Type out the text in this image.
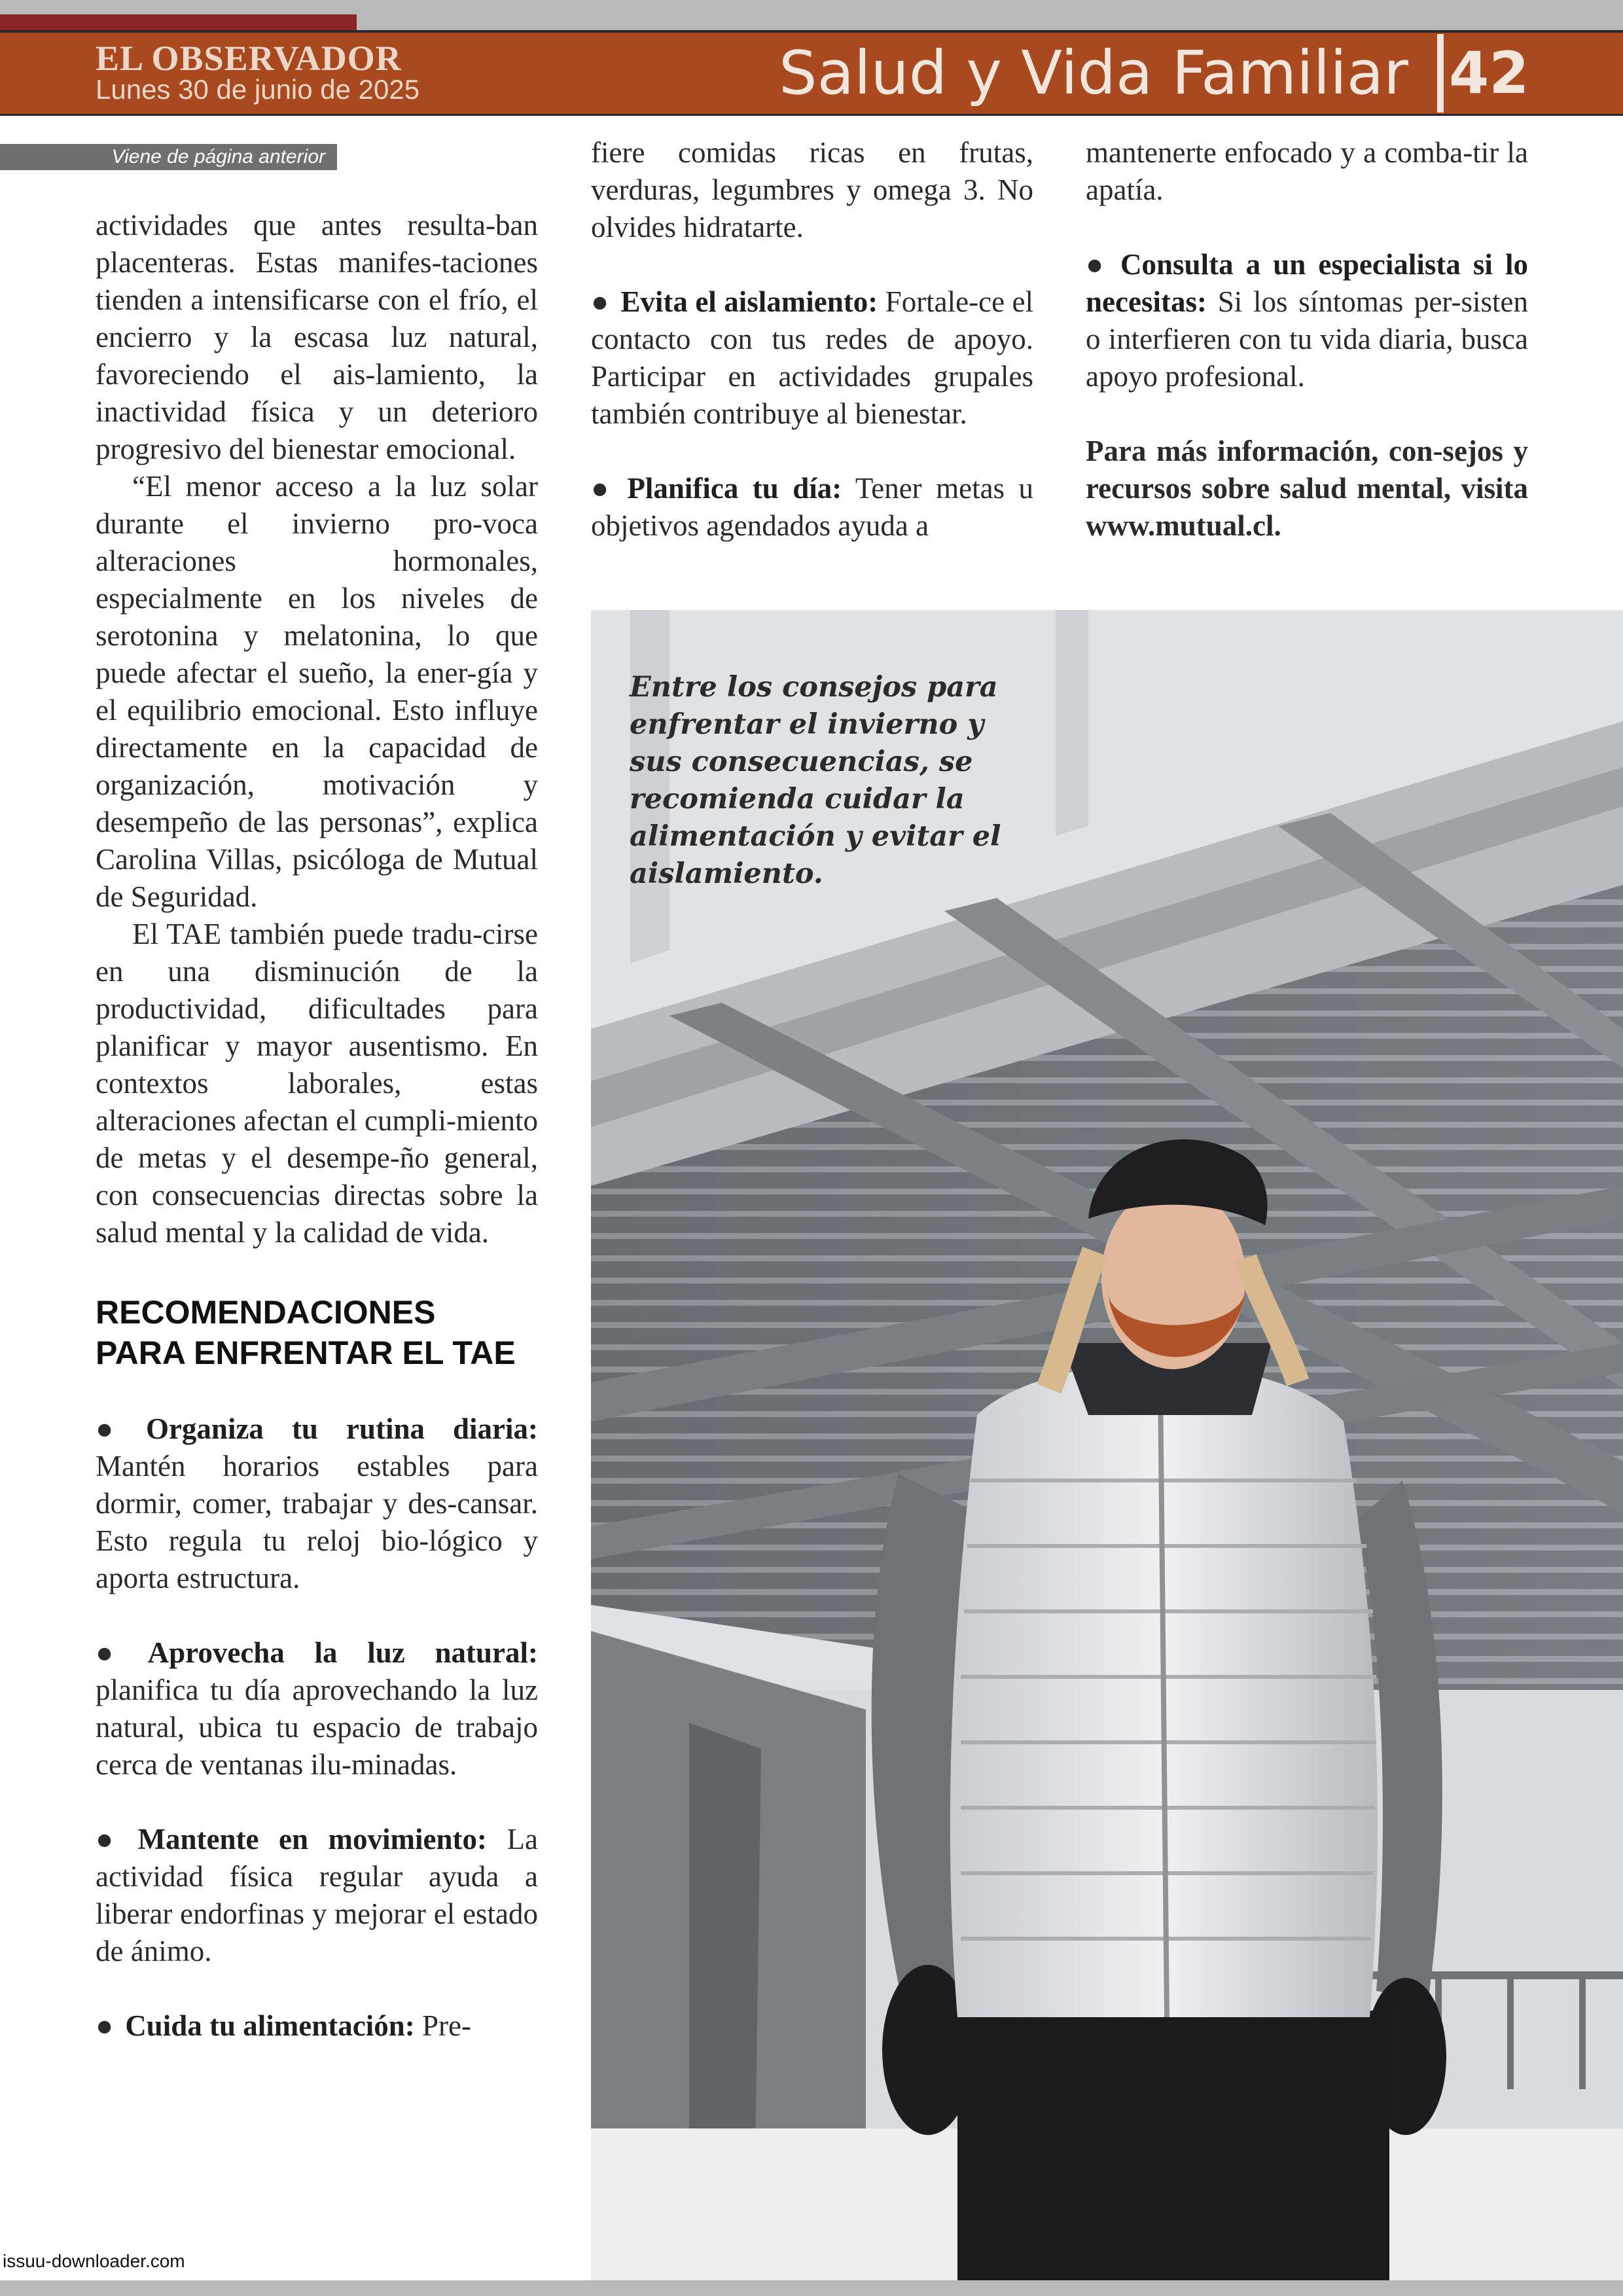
EL OBSERVADOR
Lunes 30 de junio de 2025	Salud y Vida Familiar 42
Viene de página anterior

actividades que antes resulta-ban placenteras. Estas manifes-taciones tienden a intensificarse con el frío, el encierro y la escasa luz natural, favoreciendo el ais-lamiento, la inactividad física y un deterioro progresivo del bienestar emocional.

“El menor acceso a la luz solar durante el invierno pro-voca alteraciones hormonales, especialmente en los niveles de serotonina y melatonina, lo que puede afectar el sueño, la ener-gía y el equilibrio emocional. Esto influye directamente en la capacidad de organización, motivación y desempeño de las personas”, explica Carolina Villas, psicóloga de Mutual de Seguridad.

El TAE también puede tradu-cirse en una disminución de la productividad, dificultades para planificar y mayor ausentismo. En contextos laborales, estas alteraciones afectan el cumpli-miento de metas y el desempe-ño general, con consecuencias directas sobre la salud mental y la calidad de vida.

RECOMENDACIONES
PARA ENFRENTAR EL TAE

● Organiza tu rutina diaria: Mantén horarios estables para dormir, comer, trabajar y des-cansar. Esto regula tu reloj bio-lógico y aporta estructura.

● Aprovecha la luz natural: planifica tu día aprovechando la luz natural, ubica tu espacio de trabajo cerca de ventanas ilu-minadas.

● Mantente en movimiento: La actividad física regular ayuda a liberar endorfinas y mejorar el estado de ánimo.

● Cuida tu alimentación: Pre-

fiere comidas ricas en frutas, verduras, legumbres y omega 3. No olvides hidratarte.

● Evita el aislamiento: Fortale-ce el contacto con tus redes de apoyo. Participar en actividades grupales también contribuye al bienestar.

● Planifica tu día: Tener metas u objetivos agendados ayuda a

mantenerte enfocado y a comba-tir la apatía.

● Consulta a un especialista si lo necesitas: Si los síntomas per-sisten o interfieren con tu vida diaria, busca apoyo profesional.

Para más información, con-sejos y recursos sobre salud mental, visita www.mutual.cl.

Entre los consejos para enfrentar el invierno y sus consecuencias, se recomienda cuidar la alimentación y evitar el aislamiento.

issuu-downloader.com
